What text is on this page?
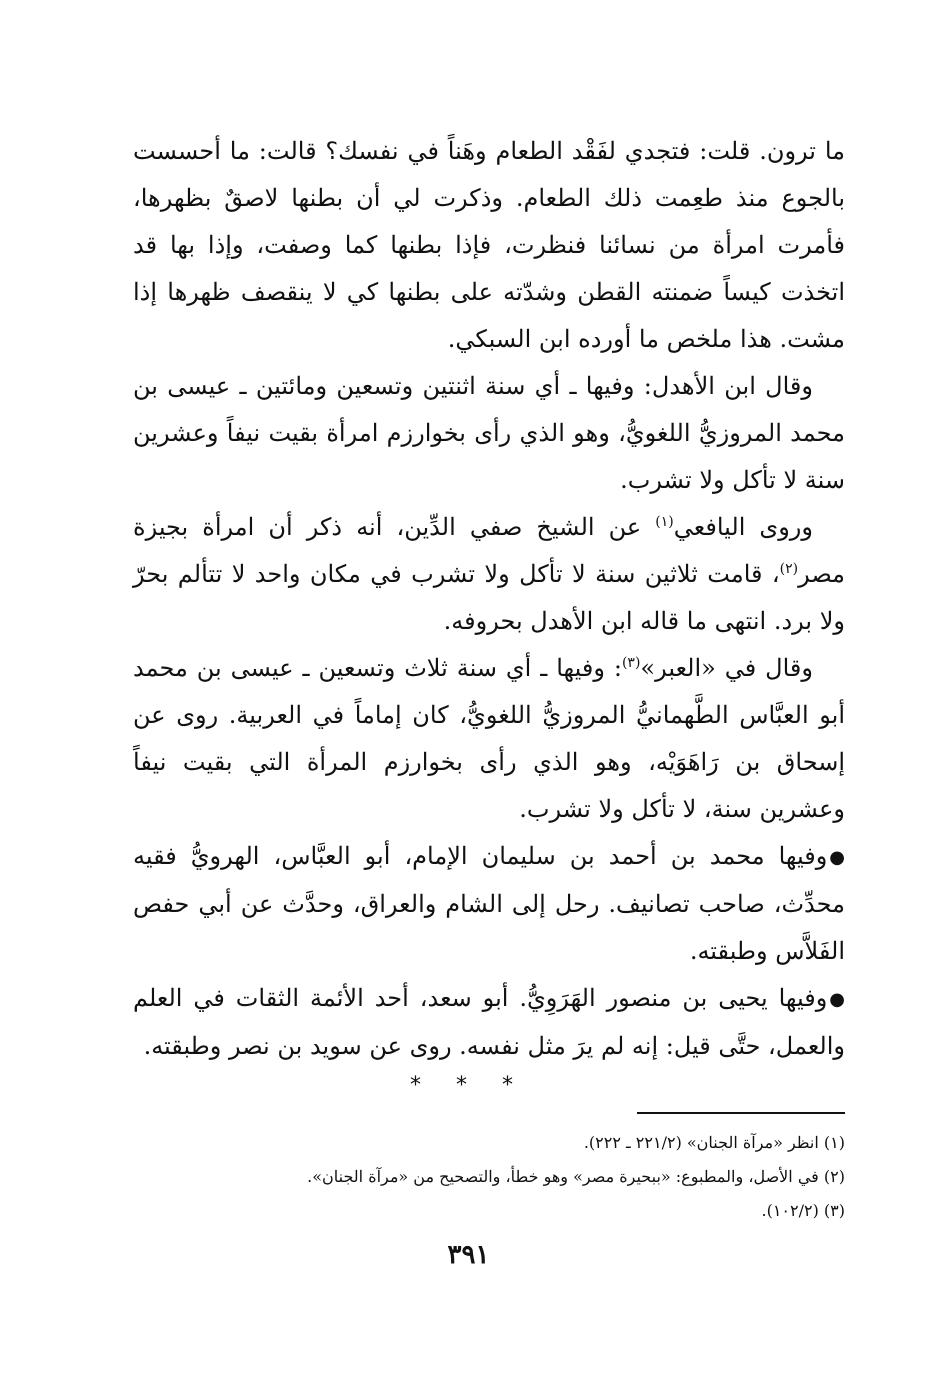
ما ترون. قلت: فتجدي لفَقْد الطعام وهَناً في نفسك؟ قالت: ما أحسست بالجوع منذ طعِمت ذلك الطعام. وذكرت لي أن بطنها لاصقٌ بظهرها، فأمرت امرأة من نسائنا فنظرت، فإذا بطنها كما وصفت، وإذا بها قد اتخذت كيساً ضمنته القطن وشدّته على بطنها كي لا ينقصف ظهرها إذا مشت. هذا ملخص ما أورده ابن السبكي.

وقال ابن الأهدل: وفيها ـ أي سنة اثنتين وتسعين ومائتين ـ عيسى بن محمد المروزيُّ اللغويُّ، وهو الذي رأى بخوارزم امرأة بقيت نيفاً وعشرين سنة لا تأكل ولا تشرب.

وروى اليافعي$^{(١)}$ عن الشيخ صفي الدِّين، أنه ذكر أن امرأة بجيزة مصر$^{(٢)}$، قامت ثلاثين سنة لا تأكل ولا تشرب في مكان واحد لا تتألم بحرّ ولا برد. انتهى ما قاله ابن الأهدل بحروفه.

وقال في «العبر»$^{(٣)}$: وفيها ـ أي سنة ثلاث وتسعين ـ عيسى بن محمد أبو العبَّاس الطَّهمانيُّ المروزيُّ اللغويُّ، كان إماماً في العربية. روى عن إسحاق بن رَاهَوَيْه، وهو الذي رأى بخوارزم المرأة التي بقيت نيفاً وعشرين سنة، لا تأكل ولا تشرب.

●وفيها محمد بن أحمد بن سليمان الإمام، أبو العبَّاس، الهرويُّ فقيه محدِّث، صاحب تصانيف. رحل إلى الشام والعراق، وحدَّث عن أبي حفص الفَلاَّس وطبقته.

●وفيها يحيى بن منصور الهَرَوِيُّ. أبو سعد، أحد الأئمة الثقات في العلم والعمل، حتَّى قيل: إنه لم يرَ مثل نفسه. روى عن سويد بن نصر وطبقته.

* * *

(١) انظر «مرآة الجنان» (٢٢١/٢ ـ ٢٢٢).

(٢) في الأصل، والمطبوع: «ببحيرة مصر» وهو خطأ، والتصحيح من «مرآة الجنان».

(٣) (١٠٢/٢).

٣٩١
